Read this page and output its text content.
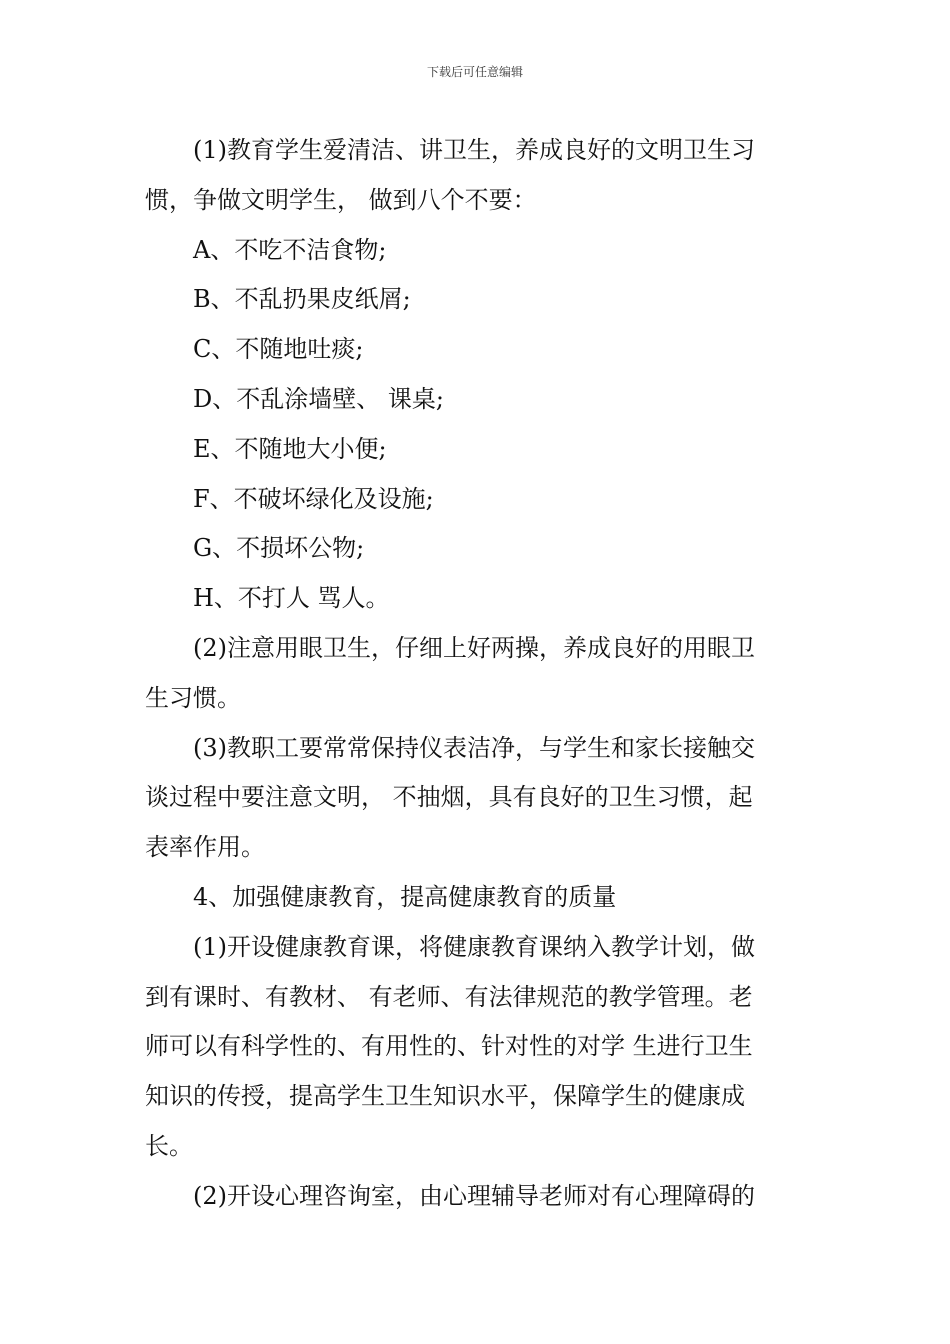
下载后可任意编辑
(1)教育学生爱清洁、讲卫生，养成良好的文明卫生习
惯，争做文明学生， 做到八个不要：
A、不吃不洁食物;
B、不乱扔果皮纸屑;
C、不随地吐痰;
D、不乱涂墙壁、 课桌;
E、不随地大小便;
F、不破坏绿化及设施;
G、不损坏公物;
H、不打人 骂人。
(2)注意用眼卫生，仔细上好两操，养成良好的用眼卫
生习惯。
(3)教职工要常常保持仪表洁净，与学生和家长接触交
谈过程中要注意文明， 不抽烟，具有良好的卫生习惯，起
表率作用。
4、加强健康教育，提高健康教育的质量
(1)开设健康教育课，将健康教育课纳入教学计划，做
到有课时、有教材、 有老师、有法律规范的教学管理。老
师可以有科学性的、有用性的、针对性的对学 生进行卫生
知识的传授，提高学生卫生知识水平，保障学生的健康成
长。
(2)开设心理咨询室，由心理辅导老师对有心理障碍的
